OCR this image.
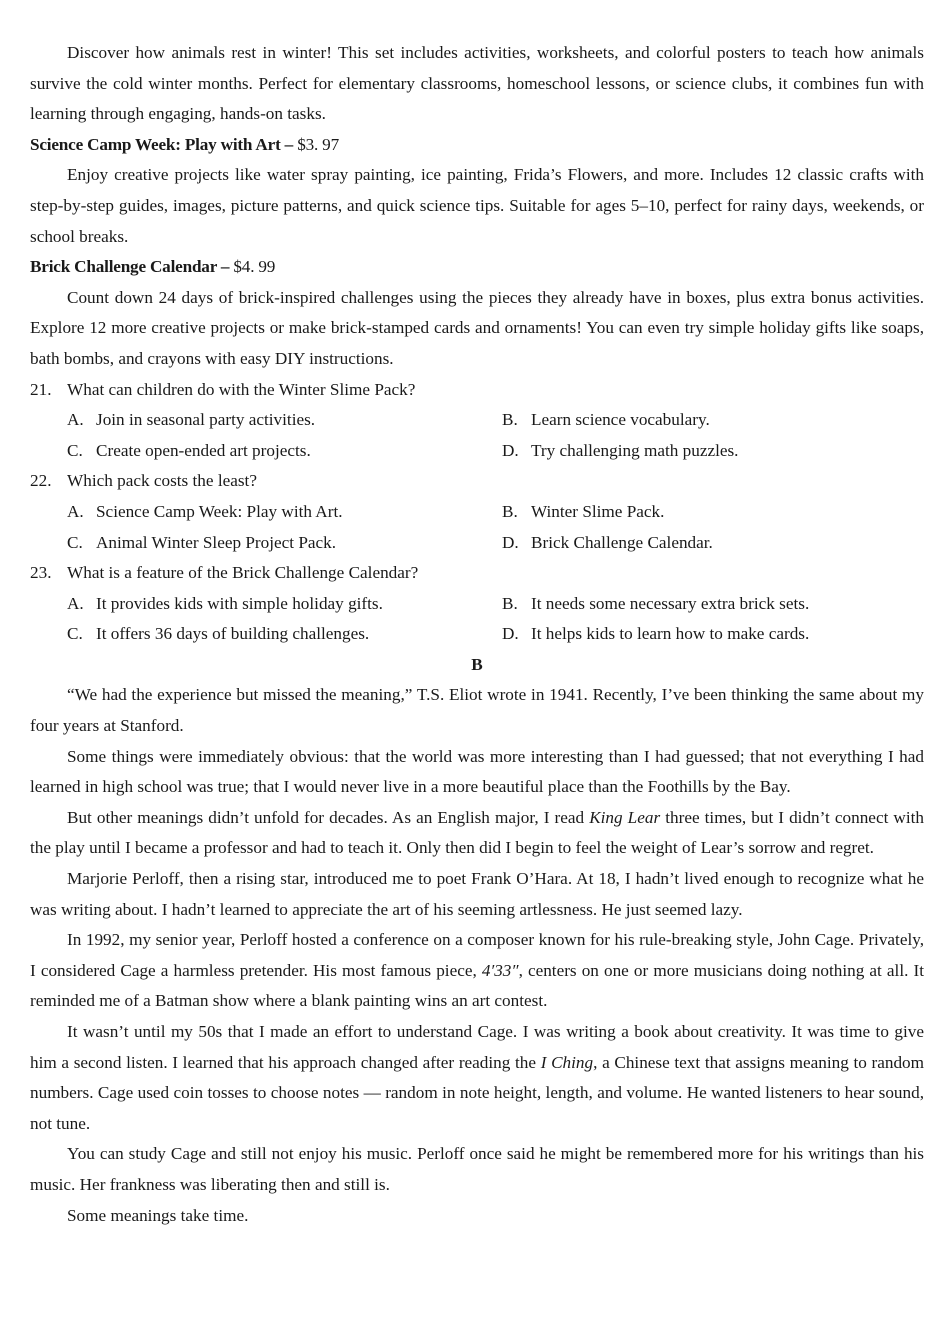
Discover how animals rest in winter! This set includes activities, worksheets, and colorful posters to teach how animals survive the cold winter months. Perfect for elementary classrooms, homeschool lessons, or science clubs, it combines fun with learning through engaging, hands-on tasks.

Science Camp Week: Play with Art – $3. 97

Enjoy creative projects like water spray painting, ice painting, Frida’s Flowers, and more. Includes 12 classic crafts with step-by-step guides, images, picture patterns, and quick science tips. Suitable for ages 5–10, perfect for rainy days, weekends, or school breaks.

Brick Challenge Calendar – $4. 99

Count down 24 days of brick-inspired challenges using the pieces they already have in boxes, plus extra bonus activities. Explore 12 more creative projects or make brick-stamped cards and ornaments! You can even try simple holiday gifts like soaps, bath bombs, and crayons with easy DIY instructions.

21. What can children do with the Winter Slime Pack?

A. Join in seasonal party activities.	B. Learn science vocabulary.
C. Create open-ended art projects.	D. Try challenging math puzzles.

22. Which pack costs the least?

A. Science Camp Week: Play with Art.	B. Winter Slime Pack.
C. Animal Winter Sleep Project Pack.	D. Brick Challenge Calendar.

23. What is a feature of the Brick Challenge Calendar?

A. It provides kids with simple holiday gifts.	B. It needs some necessary extra brick sets.
C. It offers 36 days of building challenges.	D. It helps kids to learn how to make cards.

B

“We had the experience but missed the meaning,” T.S. Eliot wrote in 1941. Recently, I’ve been thinking the same about my four years at Stanford.

Some things were immediately obvious: that the world was more interesting than I had guessed; that not everything I had learned in high school was true; that I would never live in a more beautiful place than the Foothills by the Bay.

But other meanings didn’t unfold for decades. As an English major, I read King Lear three times, but I didn’t connect with the play until I became a professor and had to teach it. Only then did I begin to feel the weight of Lear’s sorrow and regret.

Marjorie Perloff, then a rising star, introduced me to poet Frank O’Hara. At 18, I hadn’t lived enough to recognize what he was writing about. I hadn’t learned to appreciate the art of his seeming artlessness. He just seemed lazy.

In 1992, my senior year, Perloff hosted a conference on a composer known for his rule-breaking style, John Cage. Privately, I considered Cage a harmless pretender. His most famous piece, 4′33″, centers on one or more musicians doing nothing at all. It reminded me of a Batman show where a blank painting wins an art contest.

It wasn’t until my 50s that I made an effort to understand Cage. I was writing a book about creativity. It was time to give him a second listen. I learned that his approach changed after reading the I Ching, a Chinese text that assigns meaning to random numbers. Cage used coin tosses to choose notes — random in note height, length, and volume. He wanted listeners to hear sound, not tune.

You can study Cage and still not enjoy his music. Perloff once said he might be remembered more for his writings than his music. Her frankness was liberating then and still is.

Some meanings take time.
